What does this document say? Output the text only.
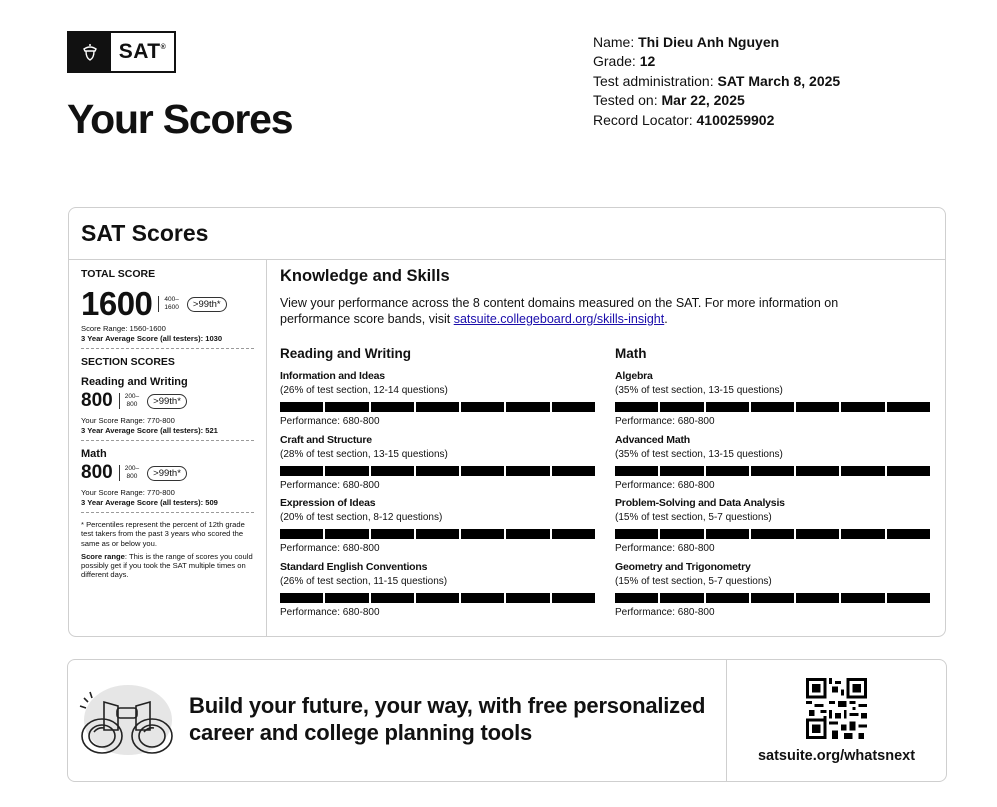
SAT®
Your Scores
Name: Thi Dieu Anh Nguyen
Grade: 12
Test administration: SAT March 8, 2025
Tested on: Mar 22, 2025
Record Locator: 4100259902
SAT Scores
TOTAL SCORE
1600	400–
1600	>99th*
Score Range: 1560-1600
3 Year Average Score (all testers): 1030
SECTION SCORES
Reading and Writing
800	200–
800	>99th*
Your Score Range: 770-800
3 Year Average Score (all testers): 521
Math
800	200–
800	>99th*
Your Score Range: 770-800
3 Year Average Score (all testers): 509
* Percentiles represent the percent of 12th grade test takers from the past 3 years who scored the same as or below you.
Score range: This is the range of scores you could possibly get if you took the SAT multiple times on different days.
Knowledge and Skills
View your performance across the 8 content domains measured on the SAT. For more information on performance score bands, visit satsuite.collegeboard.org/skills-insight.
Reading and Writing	Math
Information and Ideas
(26% of test section, 12-14 questions)
Performance: 680-800
Craft and Structure
(28% of test section, 13-15 questions)
Performance: 680-800
Expression of Ideas
(20% of test section, 8-12 questions)
Performance: 680-800
Standard English Conventions
(26% of test section, 11-15 questions)
Performance: 680-800
Algebra
(35% of test section, 13-15 questions)
Performance: 680-800
Advanced Math
(35% of test section, 13-15 questions)
Performance: 680-800
Problem-Solving and Data Analysis
(15% of test section, 5-7 questions)
Performance: 680-800
Geometry and Trigonometry
(15% of test section, 5-7 questions)
Performance: 680-800
Build your future, your way, with free personalized
career and college planning tools
satsuite.org/whatsnext
